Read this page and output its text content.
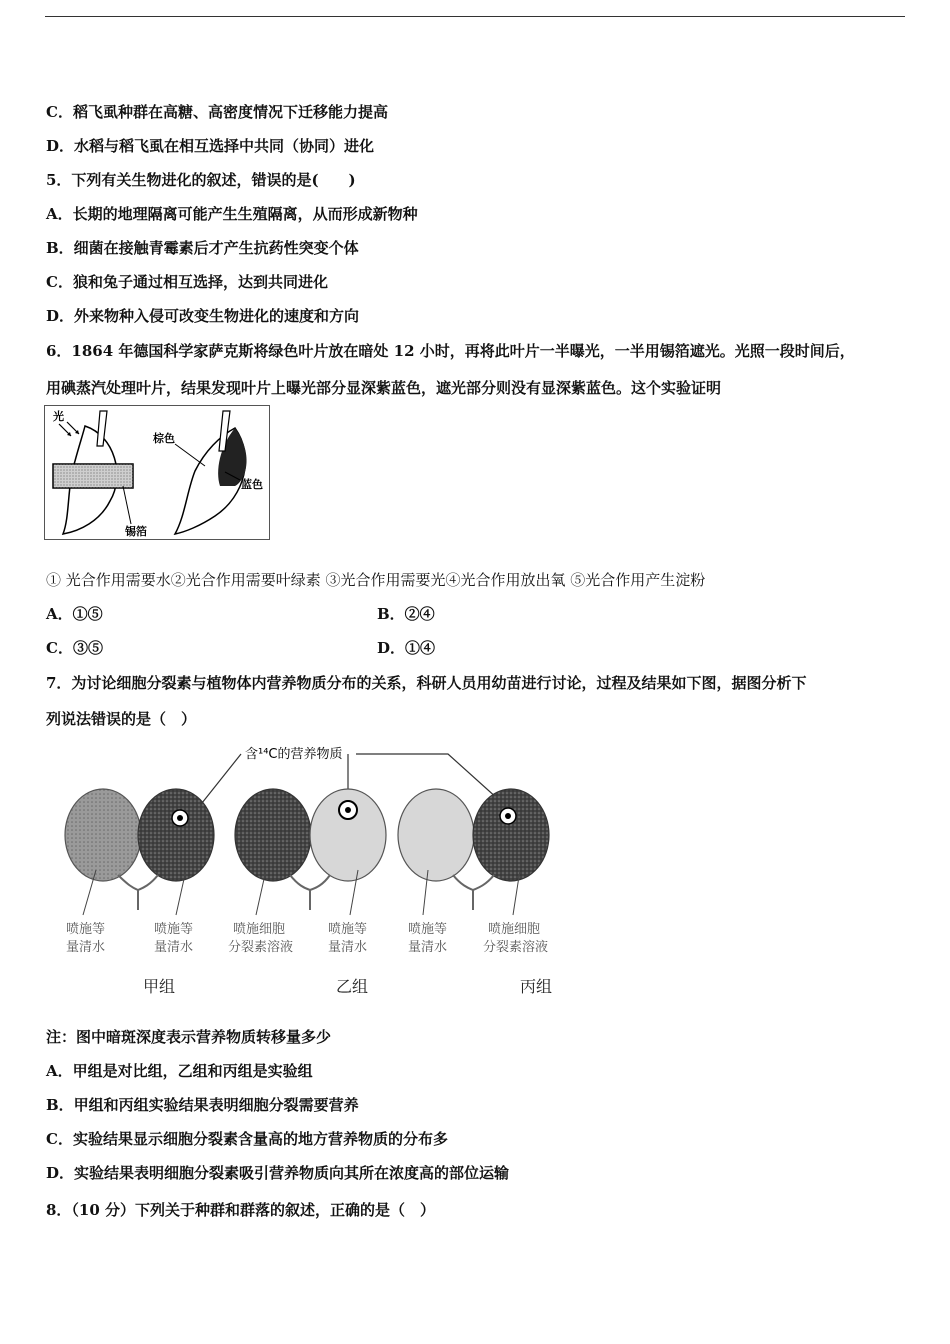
C．稻飞虱种群在高糖、高密度情况下迁移能力提高
D．水稻与稻飞虱在相互选择中共同（协同）进化
5．下列有关生物进化的叙述，错误的是(　　)
A．长期的地理隔离可能产生生殖隔离，从而形成新物种
B．细菌在接触青霉素后才产生抗药性突变个体
C．狼和兔子通过相互选择，达到共同进化
D．外来物种入侵可改变生物进化的速度和方向
6．1864 年德国科学家萨克斯将绿色叶片放在暗处 12 小时，再将此叶片一半曝光，一半用锡箔遮光。光照一段时间后，
用碘蒸汽处理叶片，结果发现叶片上曝光部分显深紫蓝色，遮光部分则没有显深紫蓝色。这个实验证明
光
锡箔
棕色
蓝色
① 光合作用需要水②光合作用需要叶绿素 ③光合作用需要光④光合作用放出氧 ⑤光合作用产生淀粉
A．①⑤	B．②④
C．③⑤	D．①④
7．为讨论细胞分裂素与植物体内营养物质分布的关系，科研人员用幼苗进行讨论，过程及结果如下图，据图分析下
列说法错误的是（　）
含¹⁴C的营养物质
喷施等
量清水
喷施等
量清水
喷施细胞
分裂素溶液
喷施等
量清水
喷施等
量清水
喷施细胞
分裂素溶液
甲组	乙组	丙组
注：图中暗斑深度表示营养物质转移量多少
A．甲组是对比组，乙组和丙组是实验组
B．甲组和丙组实验结果表明细胞分裂需要营养
C．实验结果显示细胞分裂素含量高的地方营养物质的分布多
D．实验结果表明细胞分裂素吸引营养物质向其所在浓度高的部位运输
8．（10 分）下列关于种群和群落的叙述，正确的是（　）
